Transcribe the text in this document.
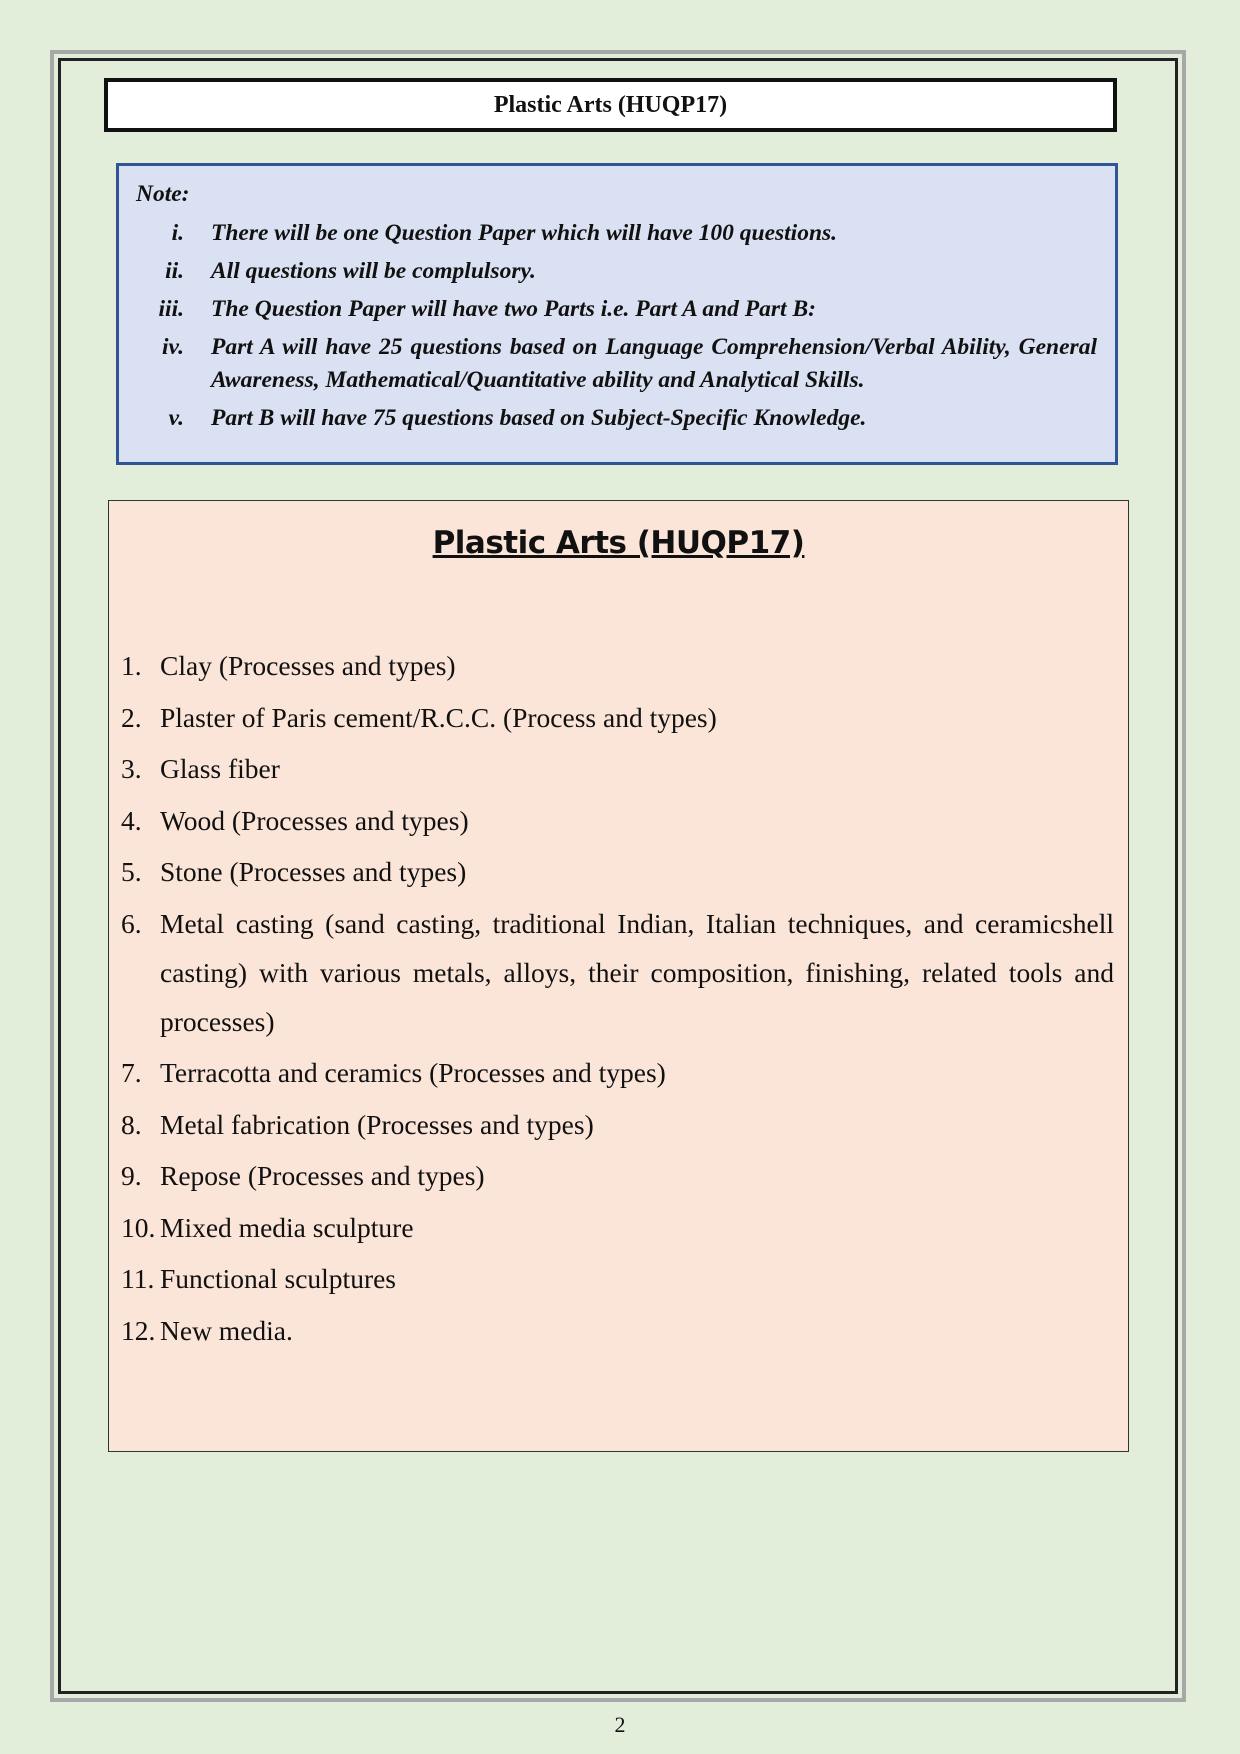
Plastic Arts (HUQP17)
Note:
i.	There will be one Question Paper which will have 100 questions.
ii.	All questions will be complulsory.
iii.	The Question Paper will have two Parts i.e. Part A and Part B:
iv.	Part A will have 25 questions based on Language Comprehension/Verbal Ability, General Awareness, Mathematical/Quantitative ability and Analytical Skills.
v.	Part B will have 75 questions based on Subject-Specific Knowledge.
Plastic Arts (HUQP17)
1. Clay (Processes and types)
2. Plaster of Paris cement/R.C.C. (Process and types)
3. Glass fiber
4. Wood (Processes and types)
5. Stone (Processes and types)
6. Metal casting (sand casting, traditional Indian, Italian techniques, and ceramicshell casting) with various metals, alloys, their composition, finishing, related tools and processes)
7. Terracotta and ceramics (Processes and types)
8. Metal fabrication (Processes and types)
9. Repose (Processes and types)
10. Mixed media sculpture
11. Functional sculptures
12. New media.
2
